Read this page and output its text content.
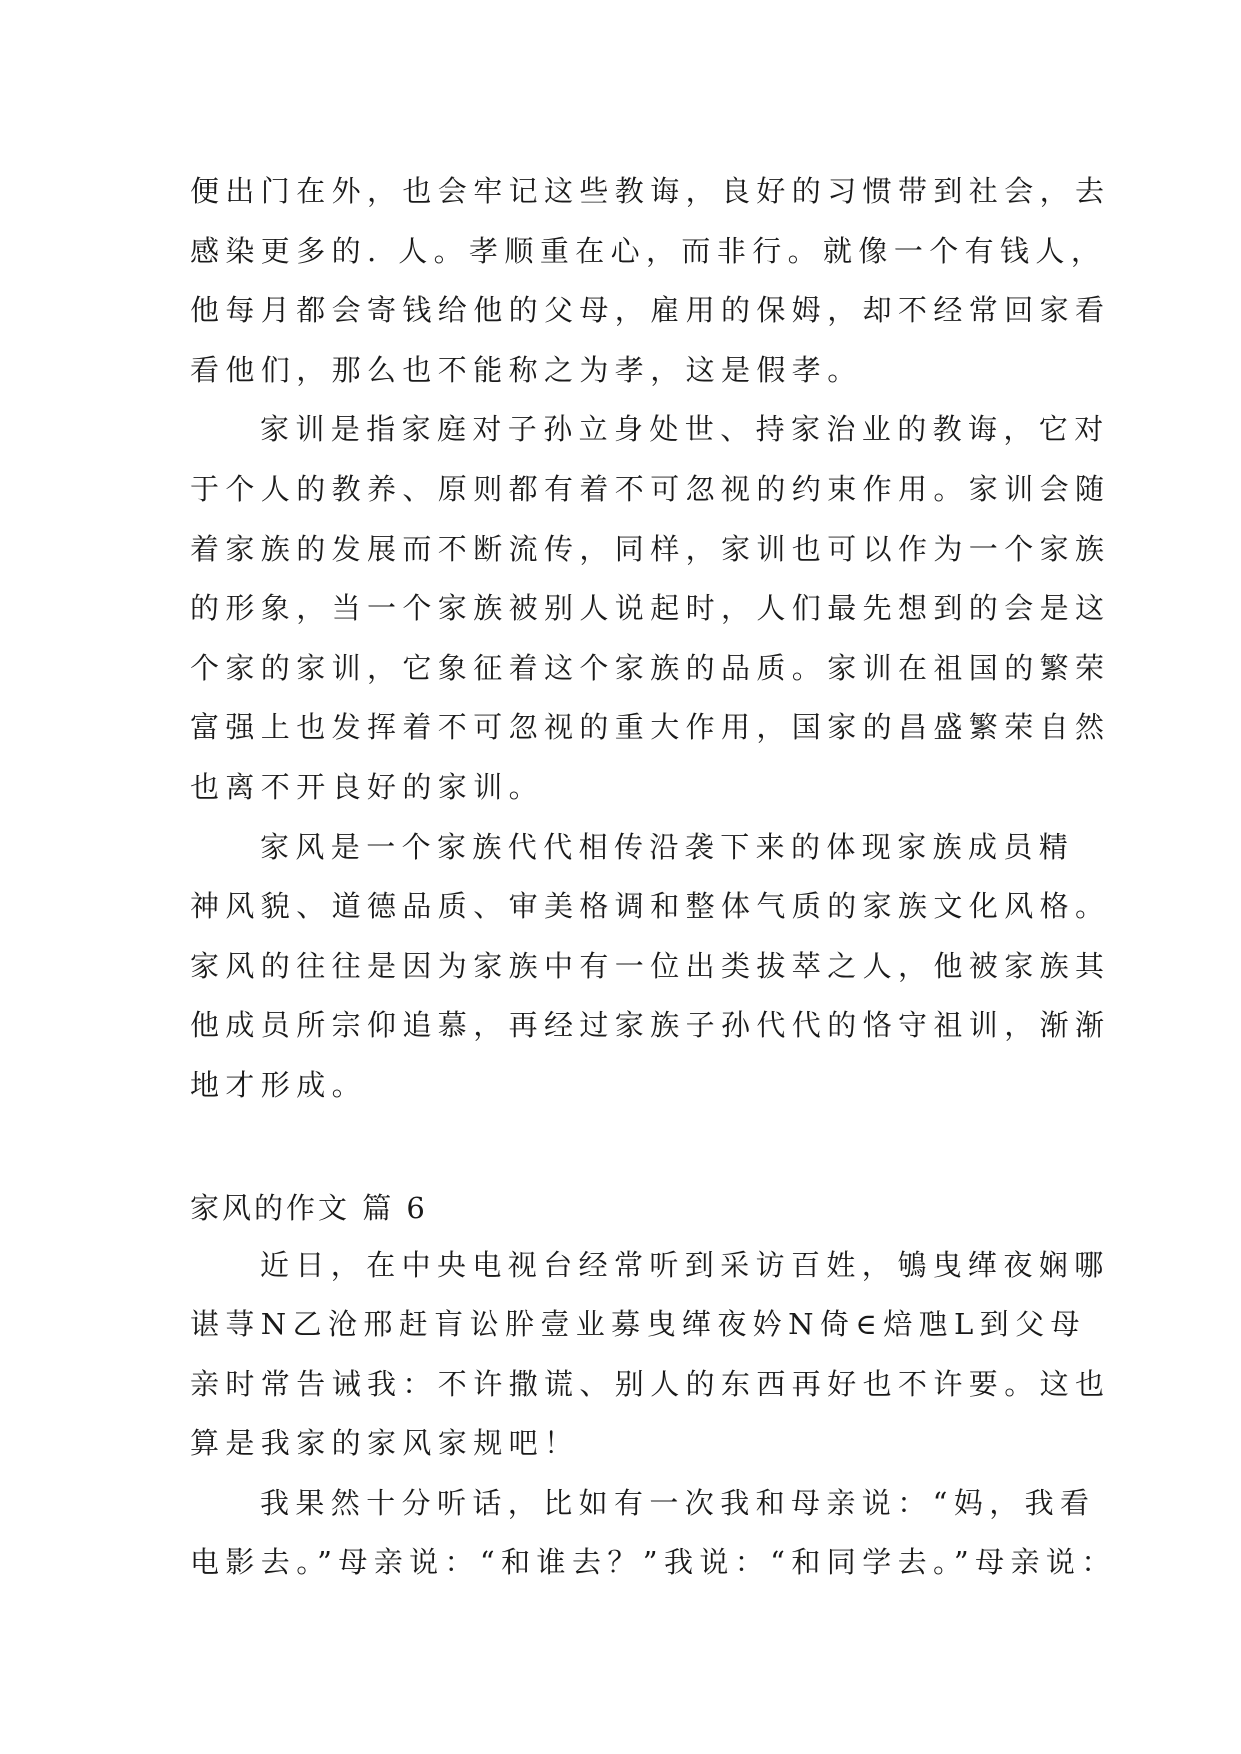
便出门在外，也会牢记这些教诲，良好的习惯带到社会，去
感染更多的. 人。孝顺重在心，而非行。就像一个有钱人，
他每月都会寄钱给他的父母，雇用的保姆，却不经常回家看
看他们，那么也不能称之为孝，这是假孝。
家训是指家庭对子孙立身处世、持家治业的教诲，它对
于个人的教养、原则都有着不可忽视的约束作用。家训会随
着家族的发展而不断流传，同样，家训也可以作为一个家族
的形象，当一个家族被别人说起时，人们最先想到的会是这
个家的家训，它象征着这个家族的品质。家训在祖国的繁荣
富强上也发挥着不可忽视的重大作用，国家的昌盛繁荣自然
也离不开良好的家训。
家风是一个家族代代相传沿袭下来的体现家族成员精
神风貌、道德品质、审美格调和整体气质的家族文化风格。
家风的往往是因为家族中有一位出类拔萃之人，他被家族其
他成员所宗仰追慕，再经过家族子孙代代的恪守祖训，渐渐
地才形成。
家风的作文 篇 6
近日，在中央电视台经常听到采访百姓，鴝曳缂夜娴哪
谌荨N乙沧邢赶肓讼肸壹业募曳缂夜妗N倚∈焙虺L到父母
亲时常告诫我：不许撒谎、别人的东西再好也不许要。这也
算是我家的家风家规吧！
我果然十分听话，比如有一次我和母亲说：“妈，我看
电影去。”母亲说：“和谁去？”我说：“和同学去。”母亲说：
